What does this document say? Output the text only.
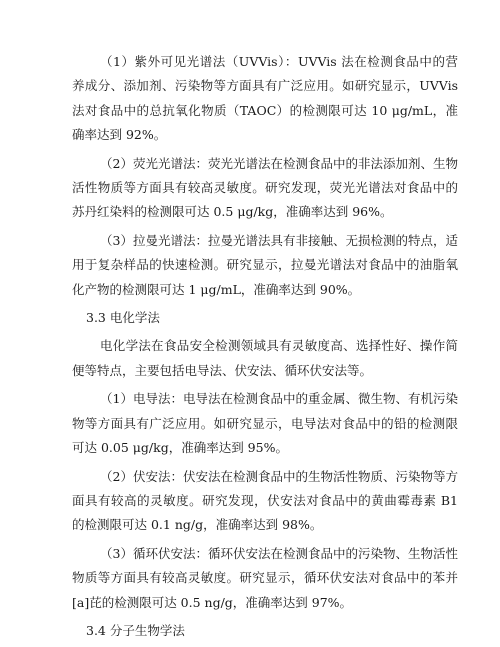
（1）紫外可见光谱法（UVVis）：UVVis 法在检测食品中的营养成分、添加剂、污染物等方面具有广泛应用。如研究显示，UVVis 法对食品中的总抗氧化物质（TAOC）的检测限可达 10 μg/mL，准确率达到 92%。

（2）荧光光谱法：荧光光谱法在检测食品中的非法添加剂、生物活性物质等方面具有较高灵敏度。研究发现，荧光光谱法对食品中的苏丹红染料的检测限可达 0.5 μg/kg，准确率达到 96%。

（3）拉曼光谱法：拉曼光谱法具有非接触、无损检测的特点，适用于复杂样品的快速检测。研究显示，拉曼光谱法对食品中的油脂氧化产物的检测限可达 1 μg/mL，准确率达到 90%。

3.3 电化学法

电化学法在食品安全检测领域具有灵敏度高、选择性好、操作简便等特点，主要包括电导法、伏安法、循环伏安法等。

（1）电导法：电导法在检测食品中的重金属、微生物、有机污染物等方面具有广泛应用。如研究显示，电导法对食品中的铅的检测限可达 0.05 μg/kg，准确率达到 95%。

（2）伏安法：伏安法在检测食品中的生物活性物质、污染物等方面具有较高的灵敏度。研究发现，伏安法对食品中的黄曲霉毒素 B1 的检测限可达 0.1 ng/g，准确率达到 98%。

（3）循环伏安法：循环伏安法在检测食品中的污染物、生物活性物质等方面具有较高灵敏度。研究显示，循环伏安法对食品中的苯并[a]芘的检测限可达 0.5 ng/g，准确率达到 97%。

3.4 分子生物学法
